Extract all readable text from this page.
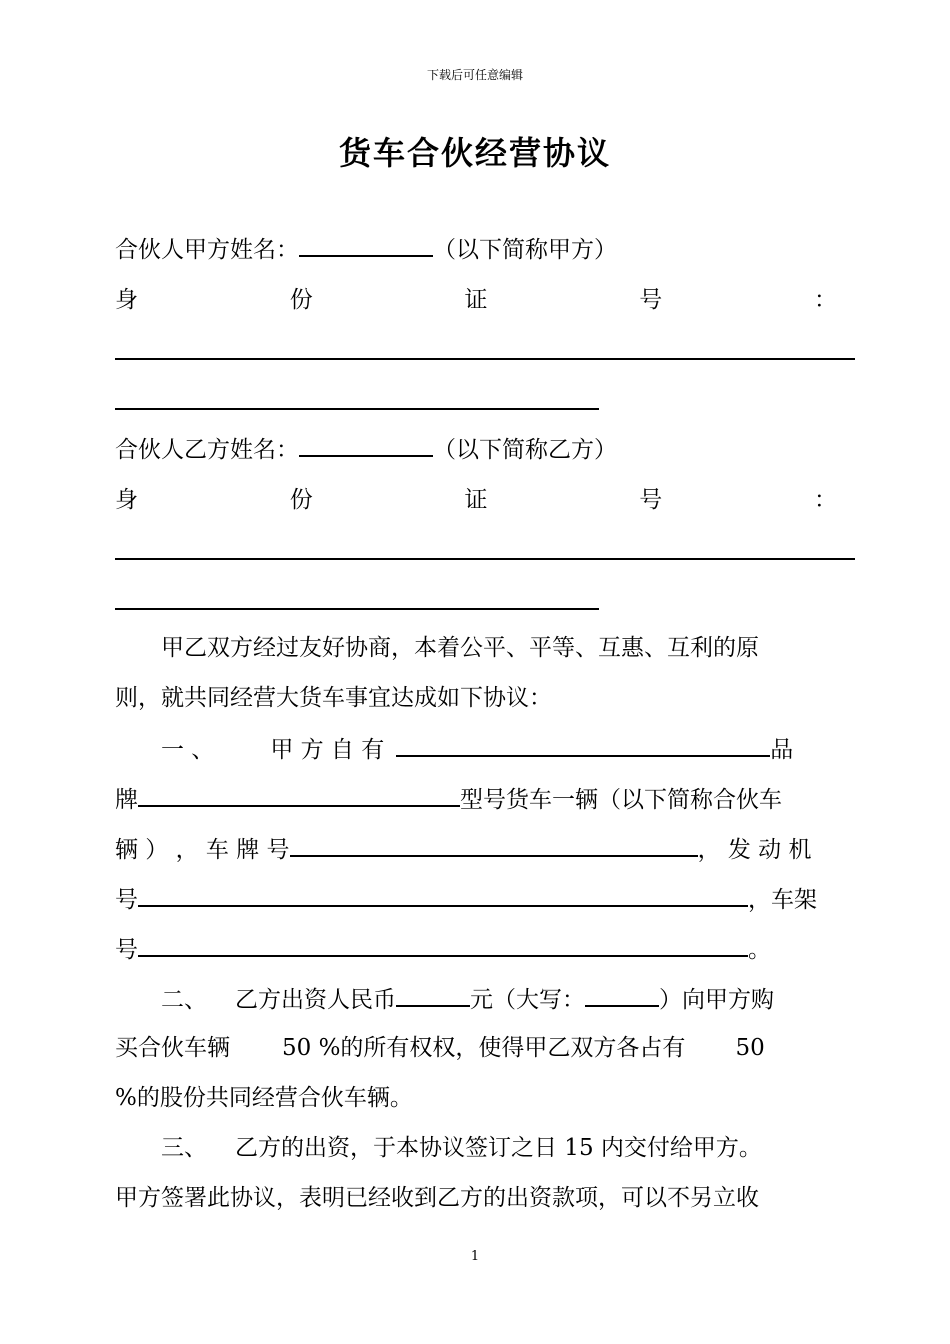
下载后可任意编辑
货车合伙经营协议
合伙人甲方姓名：	（以下简称甲方）
身	份	证	号	：
合伙人乙方姓名：	（以下简称乙方）
身	份	证	号	：
甲乙双方经过友好协商，本着公平、平等、互惠、互利的原
则，就共同经营大货车事宜达成如下协议：
一 、 甲 方 自 有	品
牌	型号货车一辆（以下简称合伙车
辆 ） ， 车 牌 号	， 发 动 机
号	，车架
号	。
二、 乙方出资人民币	元（大写：	）向甲方购
买合伙车辆 50 %的所有权权，使得甲乙双方各占有 50
%的股份共同经营合伙车辆。
三、 乙方的出资，于本协议签订之日 15 内交付给甲方。
甲方签署此协议，表明已经收到乙方的出资款项，可以不另立收
1
